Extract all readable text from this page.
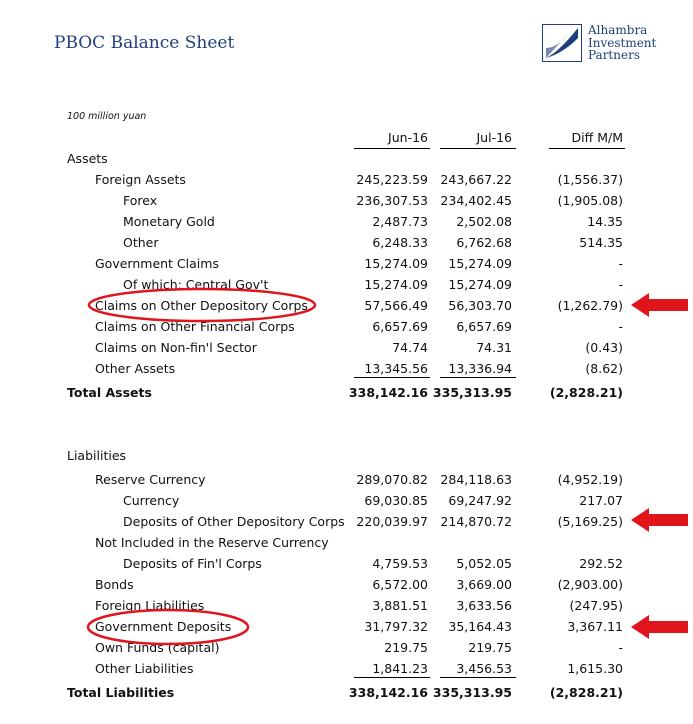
PBOC Balance Sheet
Alhambra
Investment
Partners
100 million yuan
Jun-16	Jul-16	Diff M/M
Assets
Foreign Assets	245,223.59 243,667.22	(1,556.37)
Forex	236,307.53 234,402.45	(1,905.08)
Monetary Gold	2,487.73 2,502.08	14.35
Other	6,248.33 6,762.68	514.35
Government Claims	15,274.09 15,274.09	-
Of which: Central Gov't	15,274.09 15,274.09	-
Claims on Other Depository Corps	57,566.49 56,303.70	(1,262.79)
Claims on Other Financial Corps	6,657.69 6,657.69	-
Claims on Non-fin'l Sector	74.74	74.31	(0.43)
Other Assets	13,345.56 13,336.94	(8.62)
Total Assets	338,142.16 335,313.95	(2,828.21)
Liabilities
Reserve Currency	289,070.82 284,118.63	(4,952.19)
Currency	69,030.85 69,247.92	217.07
Deposits of Other Depository Corps 220,039.97 214,870.72	(5,169.25)
Not Included in the Reserve Currency
Deposits of Fin'l Corps	4,759.53 5,052.05	292.52
Bonds	6,572.00 3,669.00	(2,903.00)
Foreign Liabilities	3,881.51 3,633.56	(247.95)
Government Deposits	31,797.32 35,164.43	3,367.11
Own Funds (capital)	219.75	219.75	-
Other Liabilities	1,841.23 3,456.53	1,615.30
Total Liabilities	338,142.16 335,313.95	(2,828.21)
